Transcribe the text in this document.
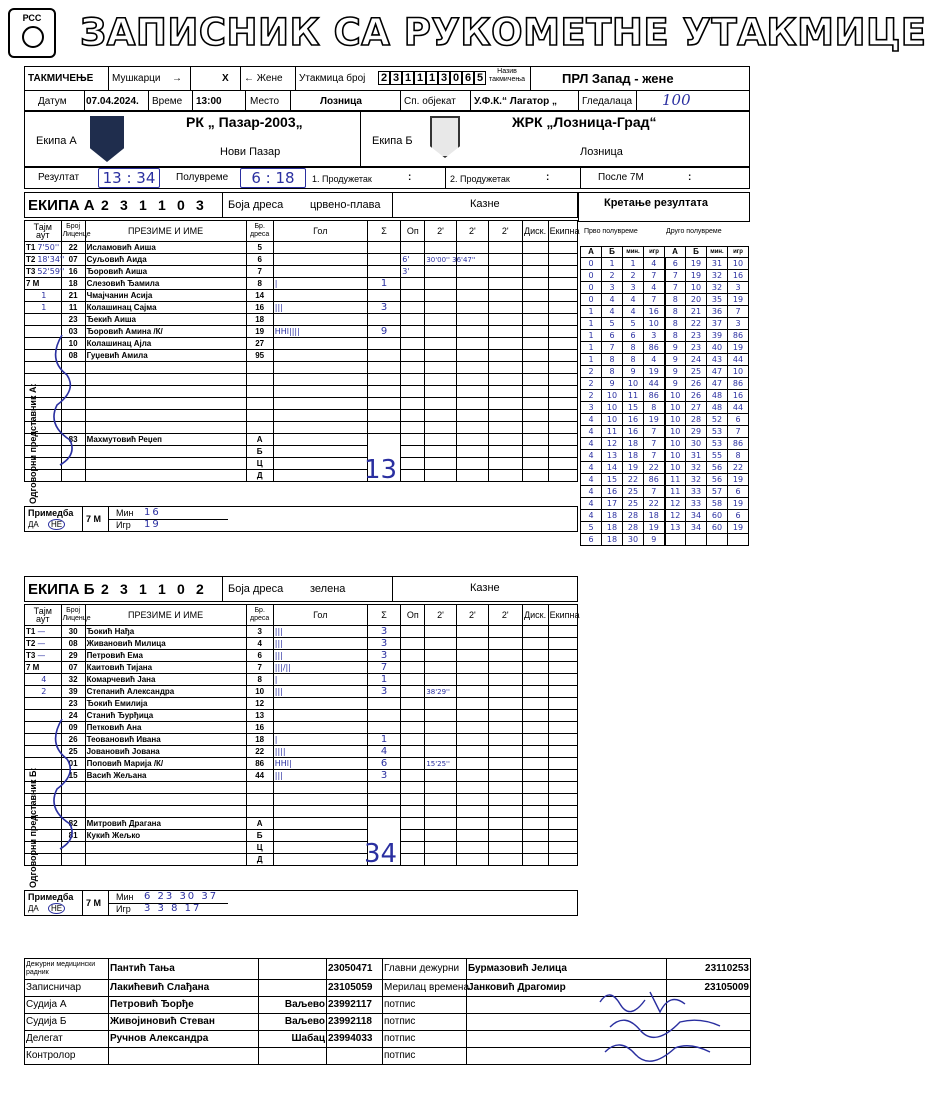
РСС	ЗАПИСНИК СА РУКОМЕТНЕ УТАКМИЦЕ
ТАКМИЧЕЊЕ Мушкарци →	X ← Жене Утакмица број 2 3 1 1 1 3 0 6 5
Назив такмичења	ПРЛ Запад - жене
Датум 07.04.2024. Време 13:00	Место	Лозница	Сп. објекат У.Ф.К.“ Лагатор „ Гледалаца 100
Екипа А
РК „ Пазар-2003„
Нови Пазар
Екипа Б
ЖРК „Лозница-Град“
Лозница
Резултат	13 : 34	Полувреме	6 : 18	1. Продужетак	:	2. Продужетак	:	После 7М	:
ЕКИПА А 2 3 1 1 0 3 Боја дреса црвено-плава	Казне
Тајм аут	Број Лиценце	ПРЕЗИМЕ И ИМЕ	Бр. дреса	Гол	Σ	Оп	2'	2'	2'	Диск.	Екипна
Т1 7'50''	22	Исламовић Аиша	5								
Т2 18'34''	07	Суљовић Аида	6			6'	30'00'' 36'47''				
Т3 52'59''	16	Ђоровић Аиша	7			3'					
7 М	18	Слезовић Ђамила	8	|	1						
1	21	Чмајчанин Асија	14								
1	11	Колашинац Сајма	16	|||	3						
	23	Ђекић Аиша	18								
	03	Ђоровић Амина /К/	19	HHl||||	9						
	10	Колашинац Ајла	27								
	08	Гуџевић Амила	95								

	83	Махмутовић Реџеп	А								
			Б								
			Ц								
			Д									13
Одговорни представник А:
Примедба
ДА	НЕ
7 М
Мин
Игр
16
19
ЕКИПА Б 2 3 1 1 0 2 Боја дреса зелена	Казне
Тајм аут	Број Лиценце	ПРЕЗИМЕ И ИМЕ	Бр. дреса	Гол	Σ	Оп	2'	2'	2'	Диск.	Екипна
Т1 —	30	Ђокић Нађа	3	|||	3						
Т2 —	08	Живановић Милица	4	|||	3						
Т3 —	29	Петровић Ема	6	|||	3						
7 М	07	Каитовић Тијана	7	|||/||	7						
4	32	Комарчевић Јана	8	|	1						
2	39	Степанић Александра	10	|||	3		38'29''				
	23	Ђокић Емилија	12								
	24	Станић Ђурђица	13								
	09	Петковић Ана	16								
	26	Теовановић Ивана	18	|	1						
	25	Јовановић Јована	22	||||	4						
	01	Поповић Марија /К/	86	HHl|	6		15'25''				
	15	Васић Жељана	44	|||	3						

	82	Митровић Драгана	А								
	81	Кукић Жељко	Б								
			Ц								
			Д									34
Одговорни представник Б:
Примедба
ДА	НЕ
7 М
Мин
Игр
6 23 30 37
3 3 8 17
Кретање резултата
Прво полувреме	Друго полувреме
А	Б	мин.	игр	А	Б	мин.	игр
0	1	1	4	6	19	31	10
0	2	2	7	7	19	32	16
0	3	3	4	7	10	32	3
0	4	4	7	8	20	35	19
1	4	4	16	8	21	36	7
1	5	5	10	8	22	37	3
1	6	6	3	8	23	39	86
1	7	8	86	9	23	40	19
1	8	8	4	9	24	43	44
2	8	9	19	9	25	47	10
2	9	10	44	9	26	47	86
2	10	11	86	10	26	48	16
3	10	15	8	10	27	48	44
4	10	16	19	10	28	52	6
4	11	16	7	10	29	53	7
4	12	18	7	10	30	53	86
4	13	18	7	10	31	55	8
4	14	19	22	10	32	56	22
4	15	22	86	11	32	56	19
4	16	25	7	11	33	57	6
4	17	25	22	12	33	58	19
4	18	28	18	12	34	60	6
5	18	28	19	13	34	60	19
6	18	30	9				
Дежурни медицински радник	Пантић Тања		23050471	Главни дежурни	Бурмазовић Јелица	23110253
Записничар	Лакићевић Слађана		23105059	Мерилац времена	Јанковић Драгомир	23105009
Судија А	Петровић Ђорђе	Ваљево	23992117	потпис		
Судија Б	Живојиновић Стеван	Ваљево	23992118	потпис		
Делегат	Ручнов Александра	Шабац	23994033	потпис		
Контролор				потпис		
